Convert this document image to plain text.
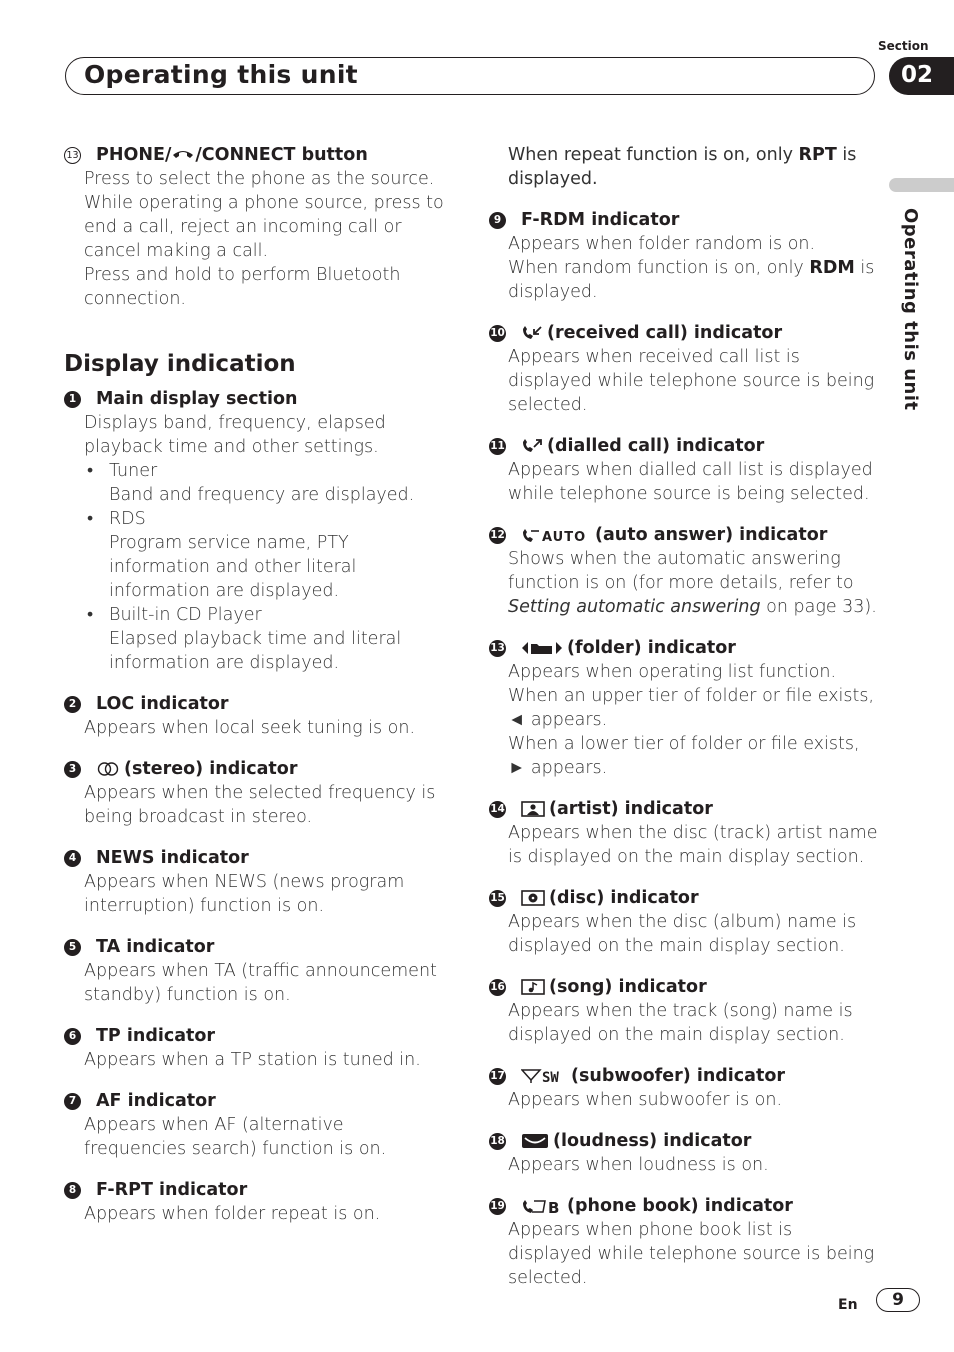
Section
Operating this unit	02
Operating this unit
13 PHONE/ /CONNECT button
Press to select the phone as the source.
While operating a phone source, press to end a call, reject an incoming call or cancel making a call.
Press and hold to perform Bluetooth connection.
Display indication
1 Main display section
Displays band, frequency, elapsed playback time and other settings.
• Tuner
Band and frequency are displayed.
• RDS
Program service name, PTY information and other literal information are displayed.
• Built-in CD Player
Elapsed playback time and literal information are displayed.
2 LOC indicator
Appears when local seek tuning is on.
3	(stereo) indicator
Appears when the selected frequency is being broadcast in stereo.
4 NEWS indicator
Appears when NEWS (news program interruption) function is on.
5 TA indicator
Appears when TA (traffic announcement standby) function is on.
6 TP indicator
Appears when a TP station is tuned in.
7 AF indicator
Appears when AF (alternative frequencies search) function is on.
8 F-RPT indicator
Appears when folder repeat is on.
When repeat function is on, only RPT is displayed.
9 F-RDM indicator
Appears when folder random is on.
When random function is on, only RDM is displayed.
10 (received call) indicator
Appears when received call list is displayed while telephone source is being selected.
11 (dialled call) indicator
Appears when dialled call list is displayed while telephone source is being selected.
12	AUTO (auto answer) indicator
Shows when the automatic answering function is on (for more details, refer to Setting automatic answering on page 33).
13	(folder) indicator
Appears when operating list function.
When an upper tier of folder or file exists, ◄ appears.
When a lower tier of folder or file exists, ► appears.
14	(artist) indicator
Appears when the disc (track) artist name is displayed on the main display section.
15	(disc) indicator
Appears when the disc (album) name is displayed on the main display section.
16	(song) indicator
Appears when the track (song) name is displayed on the main display section.
17	SW (subwoofer) indicator
Appears when subwoofer is on.
18	(loudness) indicator
Appears when loudness is on.
19	B (phone book) indicator
Appears when phone book list is displayed while telephone source is being selected.
En	9
